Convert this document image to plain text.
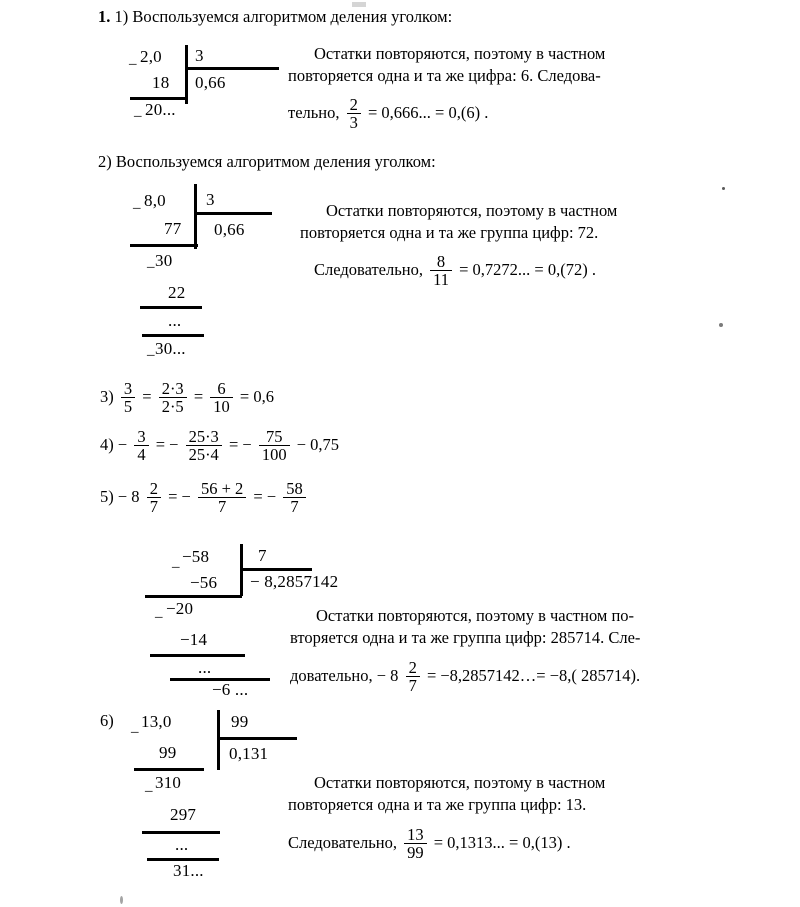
1. 1) Воспользуемся алгоритмом деления уголком:
_ 2,0 3
0,66
18
_ 20...
Остатки повторяются, поэтому в частном
повторяется одна и та же цифра: 6. Следова-
тельно, $\frac{2}{3} = 0,666$... = 0,(6) .
2) Воспользуемся алгоритмом деления уголком:
_ 8,0 3
0,66
77
_ 30
22
...
_ 30...
Остатки повторяются, поэтому в частном
повторяется одна и та же группа цифр: 72.
Следовательно, $\frac{8}{11} = 0,7272$... = 0,(72) .
$3) \frac{3}{5} = \frac{2\cdot 3}{2\cdot 5} = \frac{6}{10} = 0,6$
$4) - \frac{3}{4}$ = − $\frac{25\cdot 3}{25\cdot 4}$ = − $\frac{75}{100} - 0,75$
$5) - 8 \frac{2}{7}$ = − $\frac{56 + 2}{7}$ = − $\frac{58}{7}$
_ −58	7
− 8,2857142
−56
_ −20
−14
...
−6 ...
Остатки повторяются, поэтому в частном по-
вторяется одна и та же группа цифр: 285714. Сле-
довательно, − $8 \frac{2}{7}$ = −8,2857142…= −8,( 285714).
6) _ 13,0	99
0,131
99
_ 310
297
...
31...
Остатки повторяются, поэтому в частном
повторяется одна и та же группа цифр: 13.
Следовательно, $\frac{13}{99} = 0,1313$... = 0,(13) .
